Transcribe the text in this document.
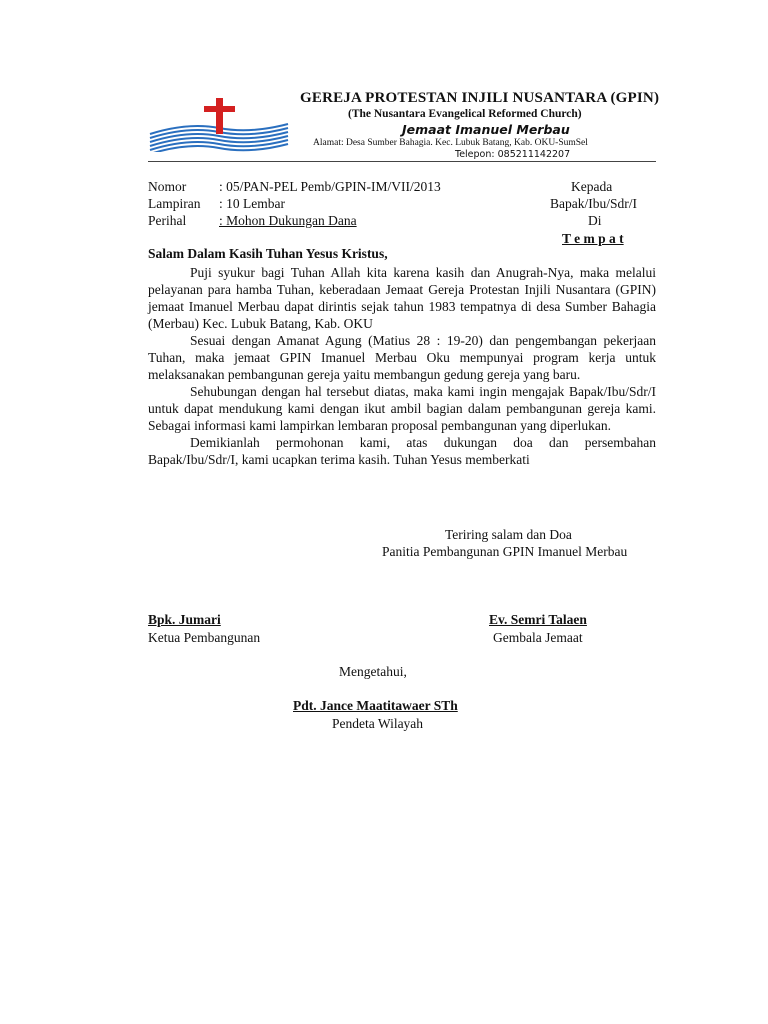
GEREJA PROTESTAN INJILI NUSANTARA (GPIN)
(The Nusantara Evangelical Reformed Church)
Jemaat Imanuel Merbau
Alamat: Desa Sumber Bahagia. Kec. Lubuk Batang, Kab. OKU-SumSel
Telepon: 085211142207
Nomor : 05/PAN-PEL Pemb/GPIN-IM/VII/2013
Lampiran : 10 Lembar
Perihal : Mohon Dukungan Dana
Kepada
Bapak/Ibu/Sdr/I
Di
T e m p a t
Salam Dalam Kasih Tuhan Yesus Kristus,

Puji syukur bagi Tuhan Allah kita karena kasih dan Anugrah-Nya, maka melalui pelayanan para hamba Tuhan, keberadaan Jemaat Gereja Protestan Injili Nusantara (GPIN) jemaat Imanuel Merbau dapat dirintis sejak tahun 1983 tempatnya di desa Sumber Bahagia (Merbau) Kec. Lubuk Batang, Kab. OKU

Sesuai dengan Amanat Agung (Matius 28 : 19-20) dan pengembangan pekerjaan Tuhan, maka jemaat GPIN Imanuel Merbau Oku mempunyai program kerja untuk melaksanakan pembangunan gereja yaitu membangun gedung gereja yang baru.

Sehubungan dengan hal tersebut diatas, maka kami ingin mengajak Bapak/Ibu/Sdr/I untuk dapat mendukung kami dengan ikut ambil bagian dalam pembangunan gereja kami. Sebagai informasi kami lampirkan lembaran proposal pembangunan yang diperlukan.

Demikianlah permohonan kami, atas dukungan doa dan persembahan Bapak/Ibu/Sdr/I, kami ucapkan terima kasih. Tuhan Yesus memberkati

Teriring salam dan Doa
Panitia Pembangunan GPIN Imanuel Merbau
Bpk. Jumari
Ketua Pembangunan
Ev. Semri Talaen
Gembala Jemaat
Mengetahui,
Pdt. Jance Maatitawaer STh
Pendeta Wilayah
